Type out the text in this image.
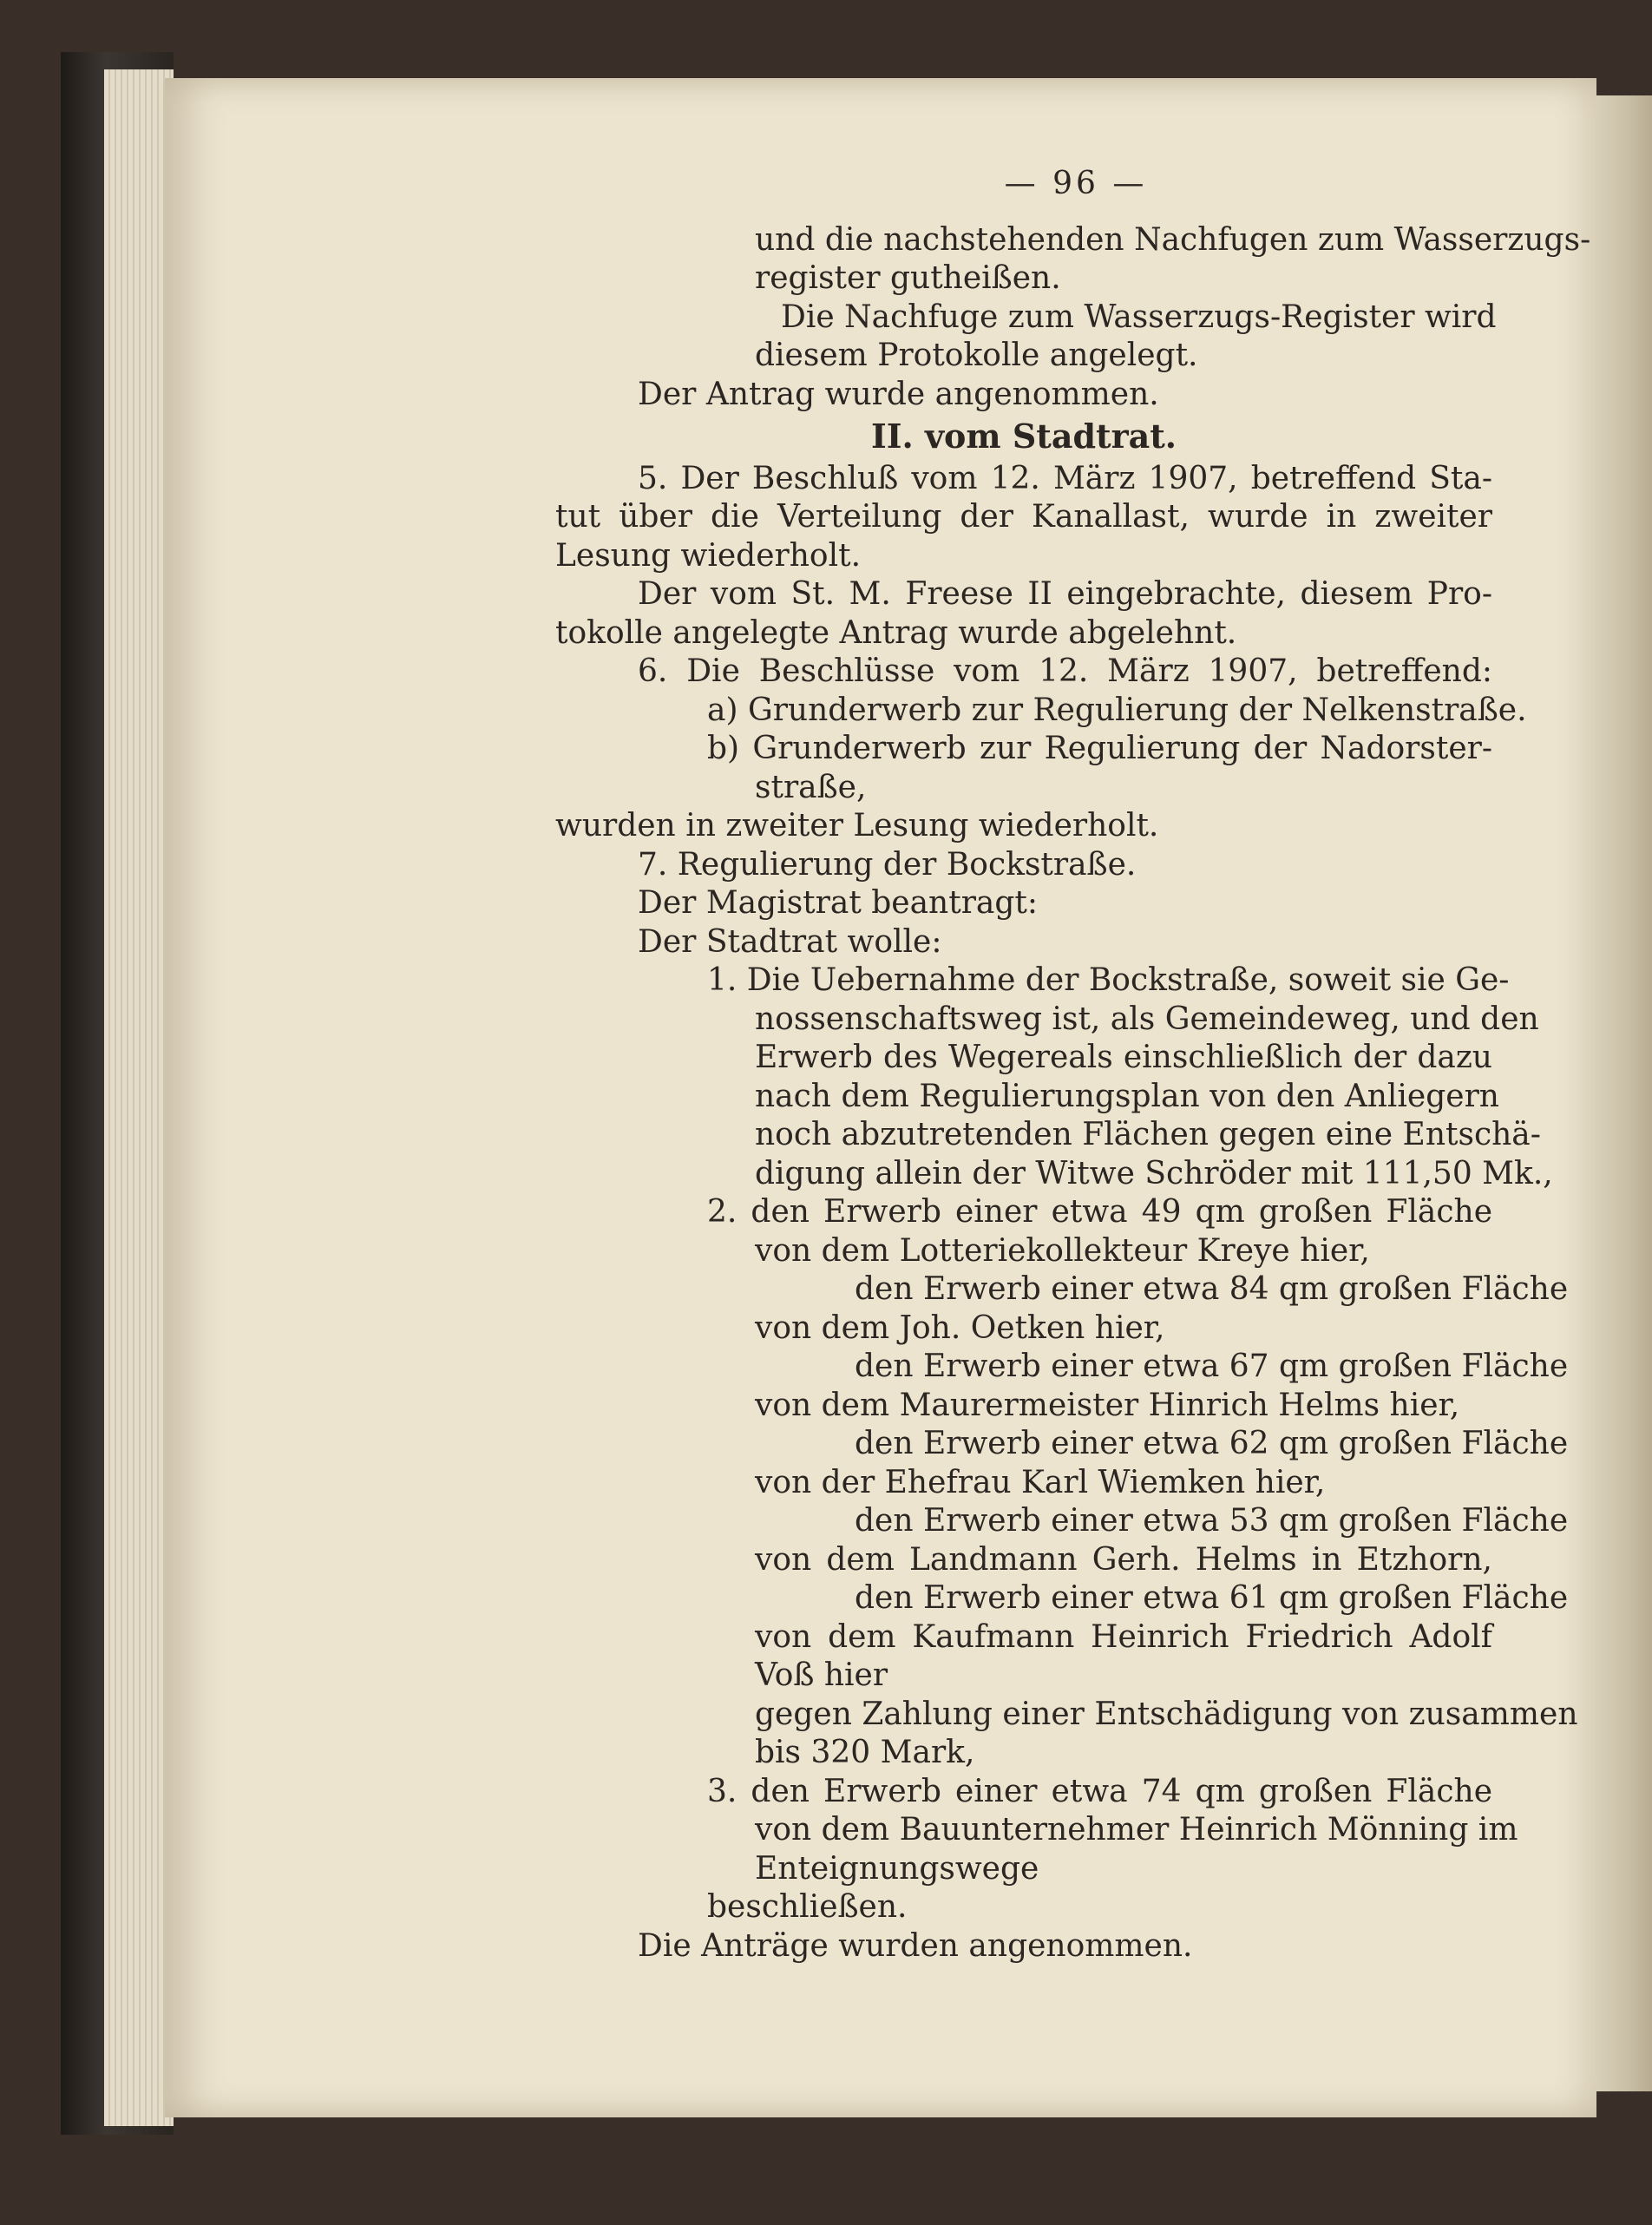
— 96 —
und die nachstehenden Nachfugen zum Wasserzugs-
register gutheißen.
Die Nachfuge zum Wasserzugs-Register wird
diesem Protokolle angelegt.
Der Antrag wurde angenommen.
II. vom Stadtrat.
5. Der Beschluß vom 12. März 1907, betreffend Sta-
tut über die Verteilung der Kanallast, wurde in zweiter
Lesung wiederholt.
Der vom St. M. Freese II eingebrachte, diesem Pro-
tokolle angelegte Antrag wurde abgelehnt.
6. Die Beschlüsse vom 12. März 1907, betreffend:
a) Grunderwerb zur Regulierung der Nelkenstraße.
b) Grunderwerb zur Regulierung der Nadorster-
straße,
wurden in zweiter Lesung wiederholt.
7. Regulierung der Bockstraße.
Der Magistrat beantragt:
Der Stadtrat wolle:
1. Die Uebernahme der Bockstraße, soweit sie Ge-
nossenschaftsweg ist, als Gemeindeweg, und den
Erwerb des Wegereals einschließlich der dazu
nach dem Regulierungsplan von den Anliegern
noch abzutretenden Flächen gegen eine Entschä-
digung allein der Witwe Schröder mit 111,50 Mk.,
2. den Erwerb einer etwa 49 qm großen Fläche
von dem Lotteriekollekteur Kreye hier,
den Erwerb einer etwa 84 qm großen Fläche
von dem Joh. Oetken hier,
den Erwerb einer etwa 67 qm großen Fläche
von dem Maurermeister Hinrich Helms hier,
den Erwerb einer etwa 62 qm großen Fläche
von der Ehefrau Karl Wiemken hier,
den Erwerb einer etwa 53 qm großen Fläche
von dem Landmann Gerh. Helms in Etzhorn,
den Erwerb einer etwa 61 qm großen Fläche
von dem Kaufmann Heinrich Friedrich Adolf
Voß hier
gegen Zahlung einer Entschädigung von zusammen
bis 320 Mark,
3. den Erwerb einer etwa 74 qm großen Fläche
von dem Bauunternehmer Heinrich Mönning im
Enteignungswege
beschließen.
Die Anträge wurden angenommen.
